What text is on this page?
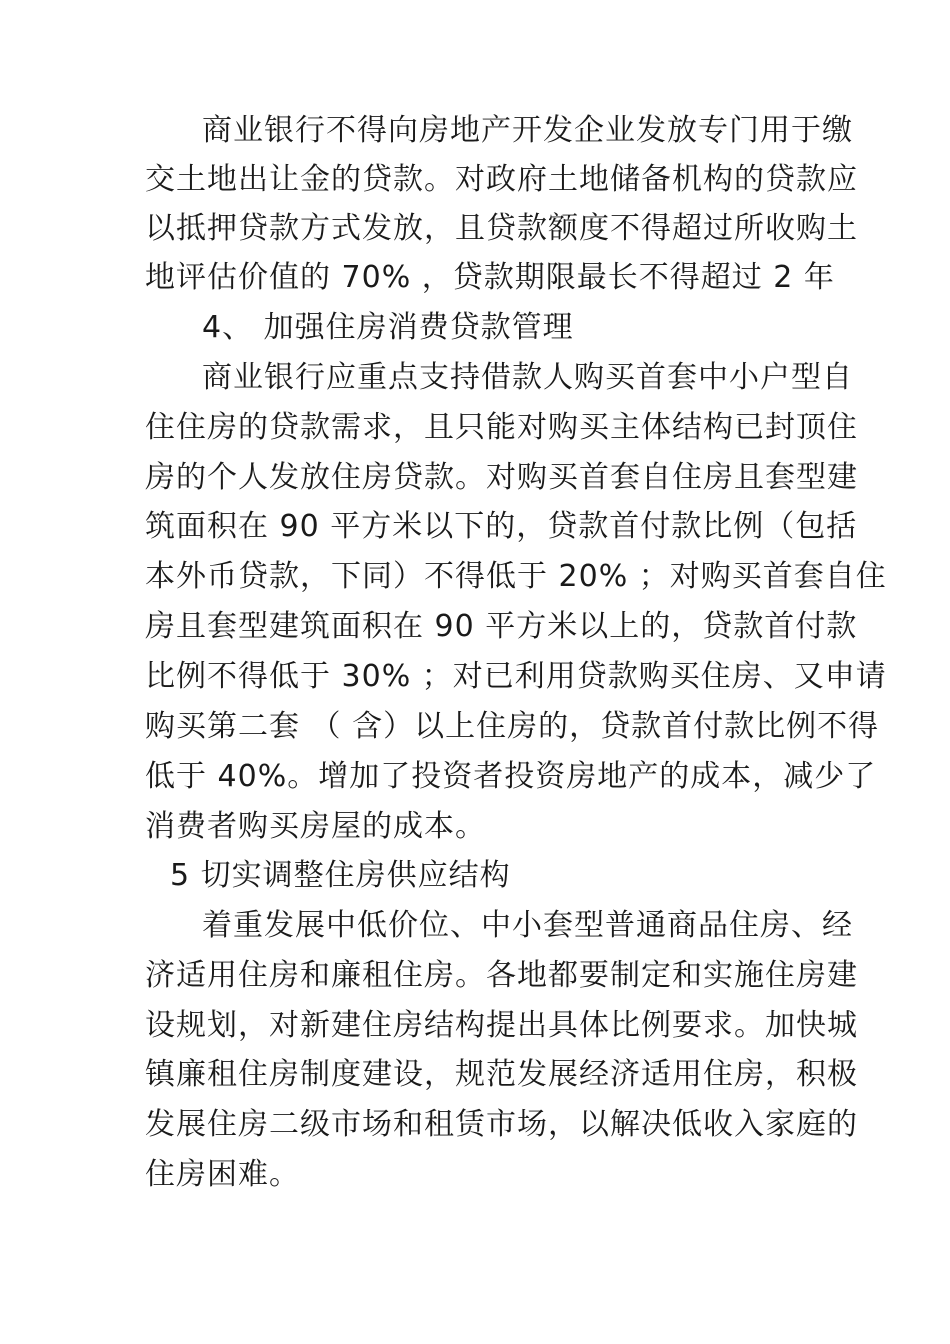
商业银行不得向房地产开发企业发放专门用于缴
交土地出让金的贷款。对政府土地储备机构的贷款应
以抵押贷款方式发放，且贷款额度不得超过所收购土
地评估价值的 70% ，贷款期限最长不得超过 2 年
4、 加强住房消费贷款管理
商业银行应重点支持借款人购买首套中小户型自
住住房的贷款需求，且只能对购买主体结构已封顶住
房的个人发放住房贷款。对购买首套自住房且套型建
筑面积在 90 平方米以下的，贷款首付款比例（包括
本外币贷款，下同）不得低于 20% ；对购买首套自住
房且套型建筑面积在 90 平方米以上的，贷款首付款
比例不得低于 30% ；对已利用贷款购买住房、又申请
购买第二套 （ 含）以上住房的，贷款首付款比例不得
低于 40%。增加了投资者投资房地产的成本，减少了
消费者购买房屋的成本。
5 切实调整住房供应结构
着重发展中低价位、中小套型普通商品住房、经
济适用住房和廉租住房。各地都要制定和实施住房建
设规划，对新建住房结构提出具体比例要求。加快城
镇廉租住房制度建设，规范发展经济适用住房，积极
发展住房二级市场和租赁市场，以解决低收入家庭的
住房困难。
